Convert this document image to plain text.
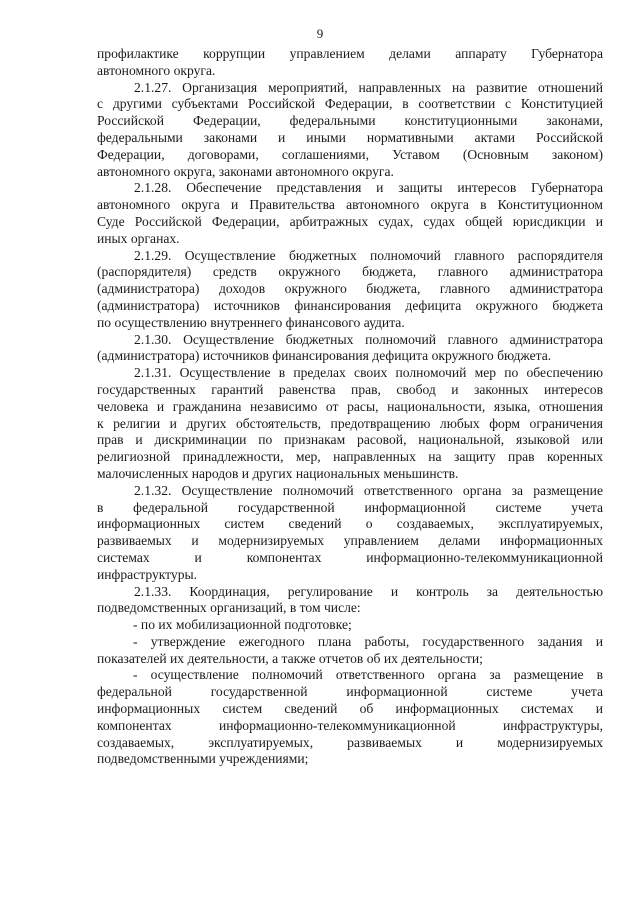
9
профилактике коррупции управлением делами аппарату Губернатора
автономного округа.
2.1.27. Организация мероприятий, направленных на развитие отношений
с другими субъектами Российской Федерации, в соответствии с Конституцией
Российской Федерации, федеральными конституционными законами,
федеральными законами и иными нормативными актами Российской
Федерации, договорами, соглашениями, Уставом (Основным законом)
автономного округа, законами автономного округа.
2.1.28. Обеспечение представления и защиты интересов Губернатора
автономного округа и Правительства автономного округа в Конституционном
Суде Российской Федерации, арбитражных судах, судах общей юрисдикции и
иных органах.
2.1.29. Осуществление бюджетных полномочий главного распорядителя
(распорядителя) средств окружного бюджета, главного администратора
(администратора) доходов окружного бюджета, главного администратора
(администратора) источников финансирования дефицита окружного бюджета
по осуществлению внутреннего финансового аудита.
2.1.30. Осуществление бюджетных полномочий главного администратора
(администратора) источников финансирования дефицита окружного бюджета.
2.1.31. Осуществление в пределах своих полномочий мер по обеспечению
государственных гарантий равенства прав, свобод и законных интересов
человека и гражданина независимо от расы, национальности, языка, отношения
к религии и других обстоятельств, предотвращению любых форм ограничения
прав и дискриминации по признакам расовой, национальной, языковой или
религиозной принадлежности, мер, направленных на защиту прав коренных
малочисленных народов и других национальных меньшинств.
2.1.32. Осуществление полномочий ответственного органа за размещение
в федеральной государственной информационной системе учета
информационных систем сведений о создаваемых, эксплуатируемых,
развиваемых и модернизируемых управлением делами информационных
системах и компонентах информационно-телекоммуникационной
инфраструктуры.
2.1.33. Координация, регулирование и контроль за деятельностью
подведомственных организаций, в том числе:
- по их мобилизационной подготовке;
- утверждение ежегодного плана работы, государственного задания и
показателей их деятельности, а также отчетов об их деятельности;
- осуществление полномочий ответственного органа за размещение в
федеральной государственной информационной системе учета
информационных систем сведений об информационных системах и
компонентах информационно-телекоммуникационной инфраструктуры,
создаваемых, эксплуатируемых, развиваемых и модернизируемых
подведомственными учреждениями;
